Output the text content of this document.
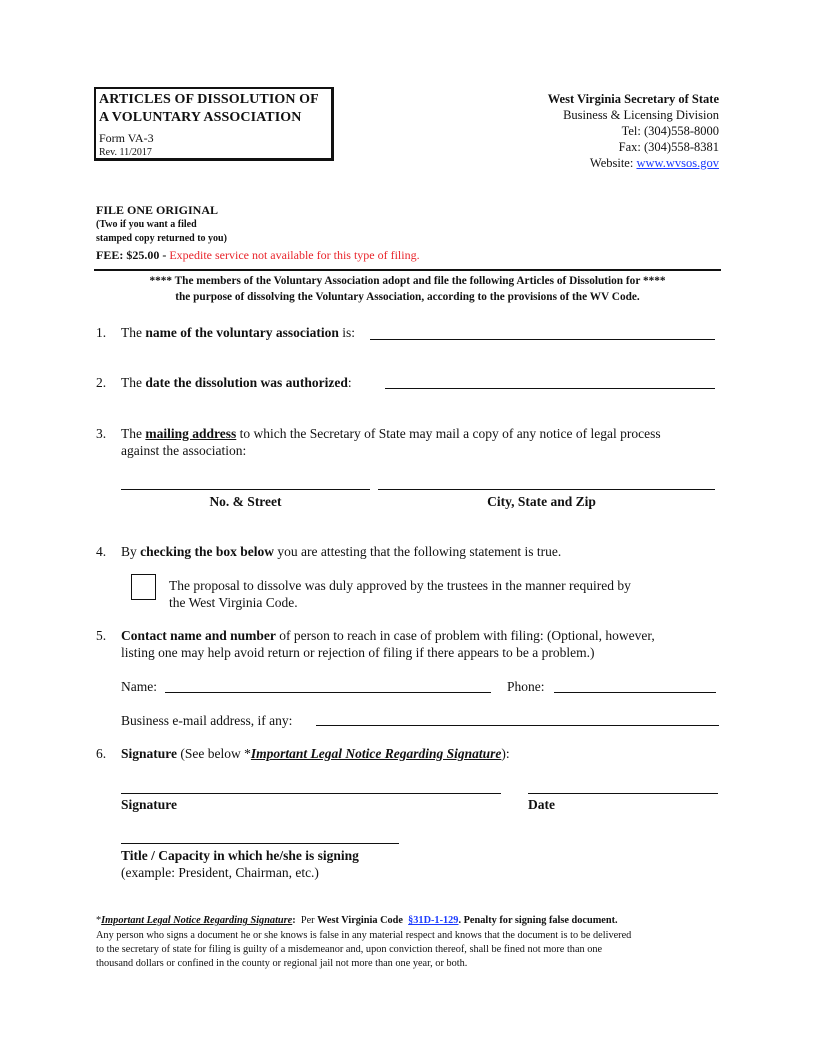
ARTICLES OF DISSOLUTION OF
A VOLUNTARY ASSOCIATION
Form VA-3
Rev. 11/2017
West Virginia Secretary of State
Business & Licensing Division
Tel: (304)558-8000
Fax: (304)558-8381
Website: www.wvsos.gov
FILE ONE ORIGINAL
(Two if you want a filed
stamped copy returned to you)
FEE: $25.00 - Expedite service not available for this type of filing.
**** The members of the Voluntary Association adopt and file the following Articles of Dissolution for ****
the purpose of dissolving the Voluntary Association, according to the provisions of the WV Code.
1. The name of the voluntary association is:
2. The date the dissolution was authorized:
3. The mailing address to which the Secretary of State may mail a copy of any notice of legal process
against the association:
No. & Street	City, State and Zip
4. By checking the box below you are attesting that the following statement is true.
The proposal to dissolve was duly approved by the trustees in the manner required by
the West Virginia Code.
5. Contact name and number of person to reach in case of problem with filing: (Optional, however,
listing one may help avoid return or rejection of filing if there appears to be a problem.)
Name:	Phone:
Business e-mail address, if any:
6. Signature (See below *Important Legal Notice Regarding Signature):
Signature	Date
Title / Capacity in which he/she is signing
(example: President, Chairman, etc.)
*Important Legal Notice Regarding Signature: Per West Virginia Code §31D-1-129. Penalty for signing false document.
Any person who signs a document he or she knows is false in any material respect and knows that the document is to be delivered
to the secretary of state for filing is guilty of a misdemeanor and, upon conviction thereof, shall be fined not more than one
thousand dollars or confined in the county or regional jail not more than one year, or both.
